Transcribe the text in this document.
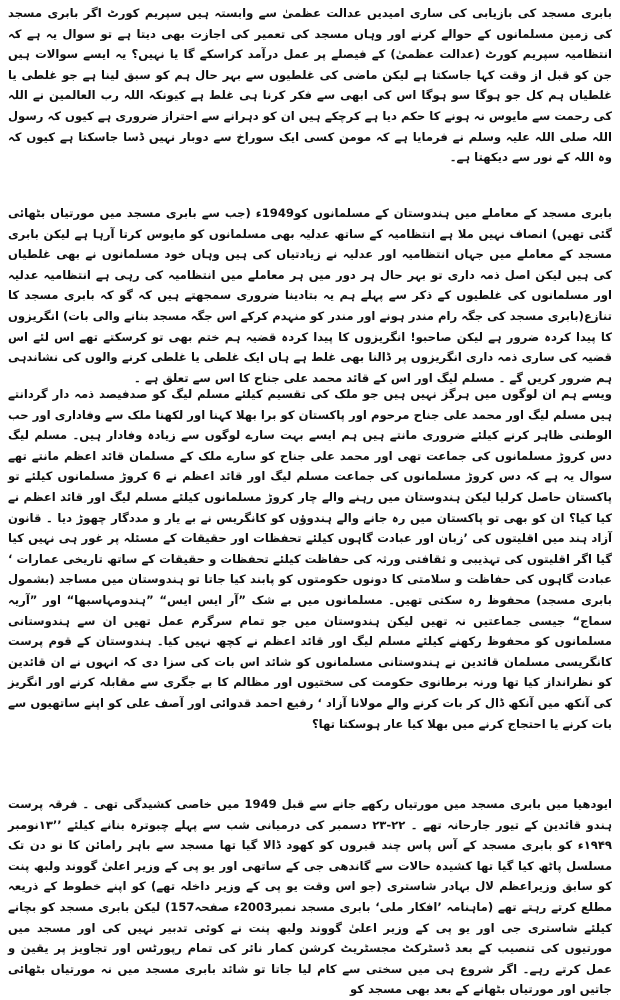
بابری مسجد کی بازیابی کی ساری امیدیں عدالت عظمیٰ سے وابستہ ہیں سپریم کورٹ اگر بابری مسجد کی زمین مسلمانوں کے حوالے کرنے اور وہاں مسجد کی تعمیر کی اجازت بھی دیتا ہے تو سوال یہ ہے کہ انتظامیہ سپریم کورٹ (عدالت عظمیٰ) کے فیصلے پر عمل درآمد کراسکے گا یا نہیں؟ یہ ایسے سوالات ہیں جن کو قبل از وقت کہا جاسکتا ہے لیکن ماضی کی غلطیوں سے بہر حال ہم کو سبق لینا ہے جو غلطی یا غلطیاں ہم کل جو ہوگا سو ہوگا اس کی ابھی سے فکر کرنا ہی غلط ہے کیونکہ اللہ رب العالمین نے اللہ کی رحمت سے مایوس نہ ہونے کا حکم دیا ہے کرچکے ہیں ان کو دہرانے سے احتراز ضروری ہے کیوں کہ رسول اللہ صلی اللہ علیہ وسلم نے فرمایا ہے کہ مومن کسی ایک سوراخ سے دوبار نہیں ڈسا جاسکتا ہے کیوں کہ وہ اللہ کے نور سے دیکھتا ہے۔

بابری مسجد کے معاملے میں ہندوستان کے مسلمانوں کو1949ء (جب سے بابری مسجد میں مورتیاں بٹھائی گئی تھیں) انصاف نہیں ملا ہے انتظامیہ کے ساتھ عدلیہ بھی مسلمانوں کو مایوس کرتا آرہا ہے لیکن بابری مسجد کے معاملے میں جہاں انتظامیہ اور عدلیہ نے زیادتیاں کی ہیں وہاں خود مسلمانوں نے بھی غلطیاں کی ہیں لیکن اصل ذمہ داری تو بہر حال ہر دور میں ہر معاملے میں انتظامیہ کی رہی ہے انتظامیہ عدلیہ اور مسلمانوں کی غلطیوں کے ذکر سے پہلے ہم یہ بتادینا ضروری سمجھتے ہیں کہ گو کہ بابری مسجد کا تنازع(بابری مسجد کی جگہ رام مندر ہونے اور مندر کو منہدم کرکے اس جگہ مسجد بنانے والی بات) انگریزوں کا پیدا کردہ ضرور ہے لیکن صاحبو! انگریزوں کا پیدا کردہ قضیہ ہم ختم بھی تو کرسکتے تھے اس لئے اس قضیہ کی ساری ذمہ داری انگریزوں پر ڈالنا بھی غلط ہے ہاں ایک غلطی یا غلطی کرنے والوں کی نشاندہی ہم ضرور کریں گے ۔ مسلم لیگ اور اس کے قائد محمد علی جناح کا اس سے تعلق ہے ۔

ویسے ہم ان لوگوں میں ہرگز نہیں ہیں جو ملک کی تقسیم کیلئے مسلم لیگ کو صدفیصد ذمہ دار گردانتے ہیں مسلم لیگ اور محمد علی جناح مرحوم اور پاکستان کو برا بھلا کہنا اور لکھنا ملک سے وفاداری اور حب الوطنی ظاہر کرنے کیلئے ضروری مانتے ہیں ہم ایسے بہت سارے لوگوں سے زیادہ وفادار ہیں۔ مسلم لیگ دس کروڑ مسلمانوں کی جماعت تھی اور محمد علی جناح کو سارے ملک کے مسلمان قائد اعظم مانتے تھے سوال یہ ہے کہ دس کروڑ مسلمانوں کی جماعت مسلم لیگ اور قائد اعظم نے 6 کروڑ مسلمانوں کیلئے تو پاکستان حاصل کرلیا لیکن ہندوستان میں رہنے والے چار کروڑ مسلمانوں کیلئے مسلم لیگ اور قائد اعظم نے کیا کیا؟ ان کو بھی تو پاکستان میں رہ جانے والے ہندوؤں کو کانگریس نے بے یار و مددگار چھوڑ دیا ۔ قانون آزاد ہند میں اقلیتوں کی ’زبان اور عبادت گاہوں کیلئے تحفظات اور حقیقات کے مسئلہ پر غور ہی نہیں کیا گیا اگر اقلیتوں کی تہذیبی و ثقافتی ورثہ کی حفاظت کیلئے تحفظات و حقیقات کے ساتھ تاریخی عمارات ‘ عبادت گاہوں کی حفاظت و سلامتی کا دونوں حکومتوں کو پابند کیا جاتا تو ہندوستان میں مساجد (بشمول بابری مسجد) محفوظ رہ سکتی تھیں۔ مسلمانوں میں بے شک ”آر ایس ایس“ ”ہندومہاسبھا“ اور ”آریہ سماج“ جیسی جماعتیں نہ تھیں لیکن ہندوستان میں جو تمام سرگرم عمل تھیں ان سے ہندوستانی مسلمانوں کو محفوظ رکھنے کیلئے مسلم لیگ اور قائد اعظم نے کچھ نہیں کیا۔ ہندوستان کے قوم پرست کانگریسی مسلمان قائدین نے ہندوستانی مسلمانوں کو شائد اس بات کی سزا دی کہ انہوں نے ان قائدین کو نظرانداز کیا تھا ورنہ برطانوی حکومت کی سختیوں اور مظالم کا بے جگری سے مقابلہ کرنے اور انگریز کی آنکھ میں آنکھ ڈال کر بات کرنے والے مولانا آزاد ‘ رفیع احمد قدوائی اور آصف علی کو اپنے ساتھیوں سے بات کرنے یا احتجاج کرنے میں بھلا کیا عار ہوسکتا تھا؟

ایودھیا میں بابری مسجد میں مورتیاں رکھے جانے سے قبل 1949 میں خاصی کشیدگی تھی ۔ فرقہ پرست ہندو قائدین کے تیور جارحانہ تھے ۔ ۲۲-۲۳ دسمبر کی درمیانی شب سے پہلے چبوترہ بنانے کیلئے ’’۱۳نومبر ۱۹۴۹ء کو بابری مسجد کے آس پاس چند قبروں کو کھود ڈالا گیا تھا مسجد سے باہر رامائن کا نو دن تک مسلسل پاٹھ کیا گیا تھا کشیدہ حالات سے گاندھی جی کے ساتھی اور یو پی کے وزیر اعلیٰ گووند ولبھ پنت کو سابق وزیراعظم لال بہادر شاستری (جو اس وقت یو پی کے وزیر داخلہ تھے) کو اپنے خطوط کے ذریعہ مطلع کرتے رہتے تھے (ماہنامہ ’افکار ملی‘ بابری مسجد نمبر2003ء صفحہ157) لیکن بابری مسجد کو بچانے کیلئے شاستری جی اور یو پی کے وزیر اعلیٰ گووند ولبھ پنت نے کوئی تدبیر نہیں کی اور مسجد میں مورتیوں کی تنصیب کے بعد ڈسٹرکٹ مجسٹریٹ کرشن کمار نائر کی تمام رپورٹس اور تجاویز پر یقین و عمل کرتے رہے۔ اگر شروع ہی میں سختی سے کام لیا جاتا تو شائد بابری مسجد میں نہ مورتیاں بٹھائی جاتیں اور مورتیاں بٹھانے کے بعد بھی مسجد کو
